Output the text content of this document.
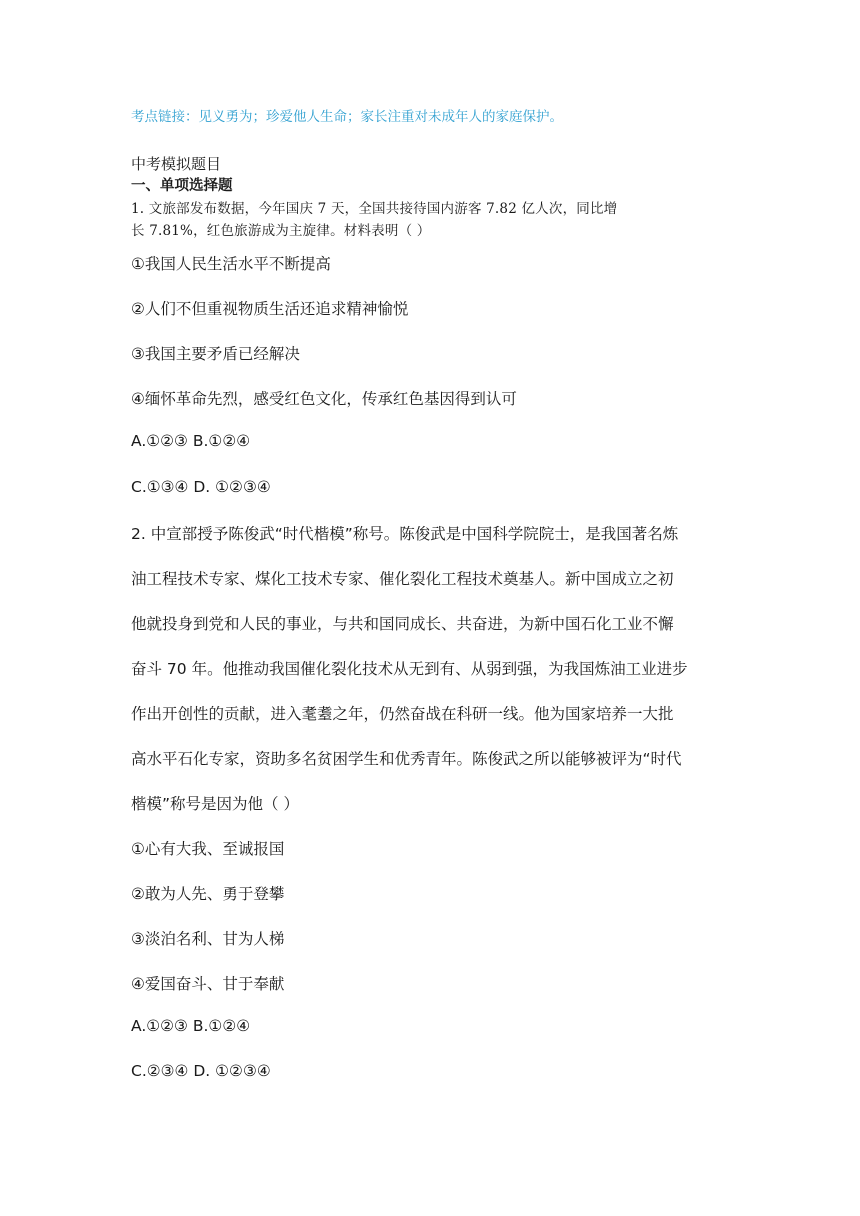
考点链接：见义勇为；珍爱他人生命；家长注重对未成年人的家庭保护。
中考模拟题目
一、单项选择题
1. 文旅部发布数据，今年国庆 7 天，全国共接待国内游客 7.82 亿人次，同比增
长 7.81%，红色旅游成为主旋律。材料表明（ ）
①我国人民生活水平不断提高
②人们不但重视物质生活还追求精神愉悦
③我国主要矛盾已经解决
④缅怀革命先烈，感受红色文化，传承红色基因得到认可
A.①②③ B.①②④
C.①③④ D. ①②③④
2. 中宣部授予陈俊武“时代楷模”称号。陈俊武是中国科学院院士，是我国著名炼
油工程技术专家、煤化工技术专家、催化裂化工程技术奠基人。新中国成立之初
他就投身到党和人民的事业，与共和国同成长、共奋进，为新中国石化工业不懈
奋斗 70 年。他推动我国催化裂化技术从无到有、从弱到强，为我国炼油工业进步
作出开创性的贡献，进入耄耋之年，仍然奋战在科研一线。他为国家培养一大批
高水平石化专家，资助多名贫困学生和优秀青年。陈俊武之所以能够被评为“时代
楷模”称号是因为他（ ）
①心有大我、至诚报国
②敢为人先、勇于登攀
③淡泊名利、甘为人梯
④爱国奋斗、甘于奉献
A.①②③ B.①②④
C.②③④ D. ①②③④
